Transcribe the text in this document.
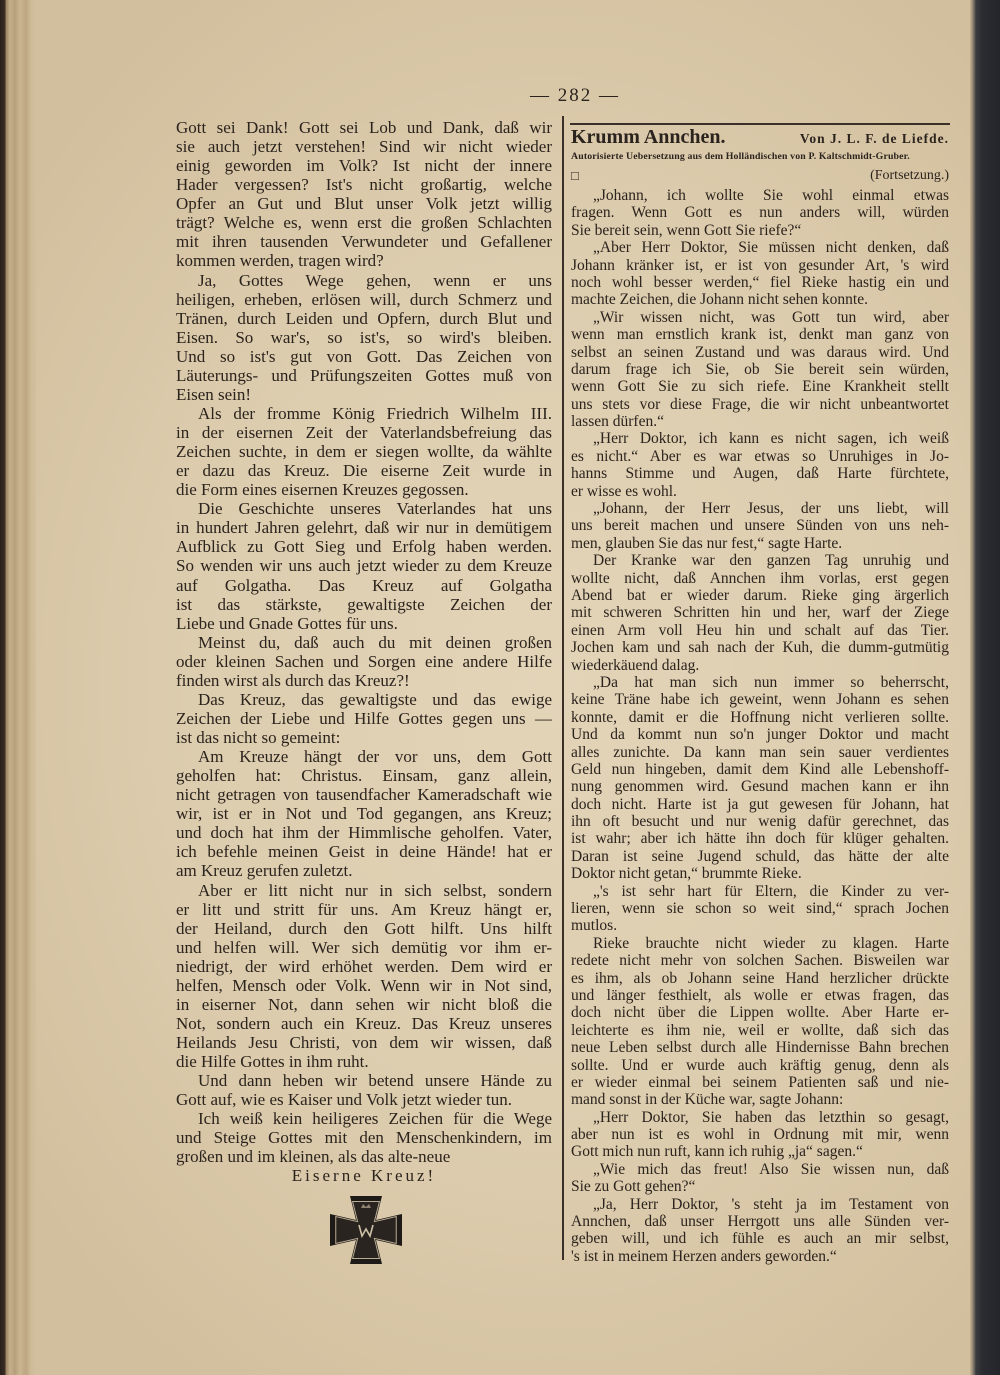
— 282 —
Gott sei Dank! Gott sei Lob und Dank, daß wir
sie auch jetzt verstehen! Sind wir nicht wieder
einig geworden im Volk? Ist nicht der innere
Hader vergessen? Ist's nicht großartig, welche
Opfer an Gut und Blut unser Volk jetzt willig
trägt? Welche es, wenn erst die großen Schlachten
mit ihren tausenden Verwundeter und Gefallener
kommen werden, tragen wird?
Ja, Gottes Wege gehen, wenn er uns
heiligen, erheben, erlösen will, durch Schmerz und
Tränen, durch Leiden und Opfern, durch Blut und
Eisen. So war's, so ist's, so wird's bleiben.
Und so ist's gut von Gott. Das Zeichen von
Läuterungs- und Prüfungszeiten Gottes muß von
Eisen sein!
Als der fromme König Friedrich Wilhelm III.
in der eisernen Zeit der Vaterlandsbefreiung das
Zeichen suchte, in dem er siegen wollte, da wählte
er dazu das Kreuz. Die eiserne Zeit wurde in
die Form eines eisernen Kreuzes gegossen.
Die Geschichte unseres Vaterlandes hat uns
in hundert Jahren gelehrt, daß wir nur in demütigem
Aufblick zu Gott Sieg und Erfolg haben werden.
So wenden wir uns auch jetzt wieder zu dem Kreuze
auf Golgatha. Das Kreuz auf Golgatha
ist das stärkste, gewaltigste Zeichen der
Liebe und Gnade Gottes für uns.
Meinst du, daß auch du mit deinen großen
oder kleinen Sachen und Sorgen eine andere Hilfe
finden wirst als durch das Kreuz?!
Das Kreuz, das gewaltigste und das ewige
Zeichen der Liebe und Hilfe Gottes gegen uns —
ist das nicht so gemeint:
Am Kreuze hängt der vor uns, dem Gott
geholfen hat: Christus. Einsam, ganz allein,
nicht getragen von tausendfacher Kameradschaft wie
wir, ist er in Not und Tod gegangen, ans Kreuz;
und doch hat ihm der Himmlische geholfen. Vater,
ich befehle meinen Geist in deine Hände! hat er
am Kreuz gerufen zuletzt.
Aber er litt nicht nur in sich selbst, sondern
er litt und stritt für uns. Am Kreuz hängt er,
der Heiland, durch den Gott hilft. Uns hilft
und helfen will. Wer sich demütig vor ihm er-
niedrigt, der wird erhöhet werden. Dem wird er
helfen, Mensch oder Volk. Wenn wir in Not sind,
in eiserner Not, dann sehen wir nicht bloß die
Not, sondern auch ein Kreuz. Das Kreuz unseres
Heilands Jesu Christi, von dem wir wissen, daß
die Hilfe Gottes in ihm ruht.
Und dann heben wir betend unsere Hände zu
Gott auf, wie es Kaiser und Volk jetzt wieder tun.
Ich weiß kein heiligeres Zeichen für die Wege
und Steige Gottes mit den Menschenkindern, im
großen und im kleinen, als das alte-neue
Eiserne Kreuz!
Krumm Annchen.	Von J. L. F. de Liefde.
Autorisierte Uebersetzung aus dem Holländischen von P. Kaltschmidt-Gruber.
□	(Fortsetzung.)
„Johann, ich wollte Sie wohl einmal etwas
fragen. Wenn Gott es nun anders will, würden
Sie bereit sein, wenn Gott Sie riefe?“
„Aber Herr Doktor, Sie müssen nicht denken, daß
Johann kränker ist, er ist von gesunder Art, 's wird
noch wohl besser werden,“ fiel Rieke hastig ein und
machte Zeichen, die Johann nicht sehen konnte.
„Wir wissen nicht, was Gott tun wird, aber
wenn man ernstlich krank ist, denkt man ganz von
selbst an seinen Zustand und was daraus wird. Und
darum frage ich Sie, ob Sie bereit sein würden,
wenn Gott Sie zu sich riefe. Eine Krankheit stellt
uns stets vor diese Frage, die wir nicht unbeantwortet
lassen dürfen.“
„Herr Doktor, ich kann es nicht sagen, ich weiß
es nicht.“ Aber es war etwas so Unruhiges in Jo-
hanns Stimme und Augen, daß Harte fürchtete,
er wisse es wohl.
„Johann, der Herr Jesus, der uns liebt, will
uns bereit machen und unsere Sünden von uns neh-
men, glauben Sie das nur fest,“ sagte Harte.
Der Kranke war den ganzen Tag unruhig und
wollte nicht, daß Annchen ihm vorlas, erst gegen
Abend bat er wieder darum. Rieke ging ärgerlich
mit schweren Schritten hin und her, warf der Ziege
einen Arm voll Heu hin und schalt auf das Tier.
Jochen kam und sah nach der Kuh, die dumm-gutmütig
wiederkäuend dalag.
„Da hat man sich nun immer so beherrscht,
keine Träne habe ich geweint, wenn Johann es sehen
konnte, damit er die Hoffnung nicht verlieren sollte.
Und da kommt nun so'n junger Doktor und macht
alles zunichte. Da kann man sein sauer verdientes
Geld nun hingeben, damit dem Kind alle Lebenshoff-
nung genommen wird. Gesund machen kann er ihn
doch nicht. Harte ist ja gut gewesen für Johann, hat
ihn oft besucht und nur wenig dafür gerechnet, das
ist wahr; aber ich hätte ihn doch für klüger gehalten.
Daran ist seine Jugend schuld, das hätte der alte
Doktor nicht getan,“ brummte Rieke.
„'s ist sehr hart für Eltern, die Kinder zu ver-
lieren, wenn sie schon so weit sind,“ sprach Jochen
mutlos.
Rieke brauchte nicht wieder zu klagen. Harte
redete nicht mehr von solchen Sachen. Bisweilen war
es ihm, als ob Johann seine Hand herzlicher drückte
und länger festhielt, als wolle er etwas fragen, das
doch nicht über die Lippen wollte. Aber Harte er-
leichterte es ihm nie, weil er wollte, daß sich das
neue Leben selbst durch alle Hindernisse Bahn brechen
sollte. Und er wurde auch kräftig genug, denn als
er wieder einmal bei seinem Patienten saß und nie-
mand sonst in der Küche war, sagte Johann:
„Herr Doktor, Sie haben das letzthin so gesagt,
aber nun ist es wohl in Ordnung mit mir, wenn
Gott mich nun ruft, kann ich ruhig „ja“ sagen.“
„Wie mich das freut! Also Sie wissen nun, daß
Sie zu Gott gehen?“
„Ja, Herr Doktor, 's steht ja im Testament von
Annchen, daß unser Herrgott uns alle Sünden ver-
geben will, und ich fühle es auch an mir selbst,
's ist in meinem Herzen anders geworden.“
